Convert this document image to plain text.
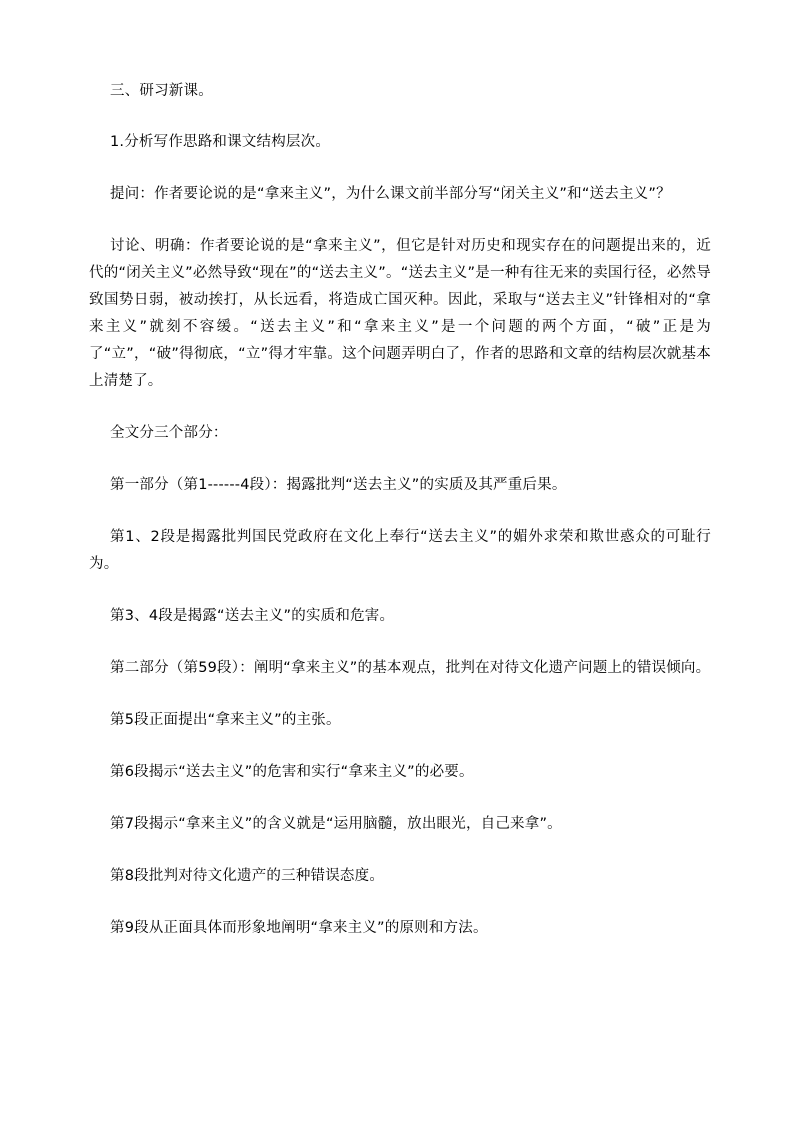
三、研习新课。

1.分析写作思路和课文结构层次。

提问：作者要论说的是“拿来主义”，为什么课文前半部分写“闭关主义”和“送去主义”？

讨论、明确：作者要论说的是“拿来主义”，但它是针对历史和现实存在的问题提出来的，近代的“闭关主义”必然导致“现在”的“送去主义”。“送去主义”是一种有往无来的卖国行径，必然导致国势日弱，被动挨打，从长远看，将造成亡国灭种。因此，采取与“送去主义”针锋相对的“拿来主义”就刻不容缓。“送去主义”和“拿来主义”是一个问题的两个方面，“破”正是为了“立”，“破”得彻底，“立”得才牢靠。这个问题弄明白了，作者的思路和文章的结构层次就基本上清楚了。

全文分三个部分：

第一部分（第1------4段）：揭露批判“送去主义”的实质及其严重后果。

第1、2段是揭露批判国民党政府在文化上奉行“送去主义”的媚外求荣和欺世惑众的可耻行为。

第3、4段是揭露“送去主义”的实质和危害。

第二部分（第59段）：阐明“拿来主义”的基本观点，批判在对待文化遗产问题上的错误倾向。

第5段正面提出“拿来主义”的主张。

第6段揭示“送去主义”的危害和实行“拿来主义”的必要。

第7段揭示“拿来主义”的含义就是“运用脑髓，放出眼光，自己来拿”。

第8段批判对待文化遗产的三种错误态度。

第9段从正面具体而形象地阐明“拿来主义”的原则和方法。
